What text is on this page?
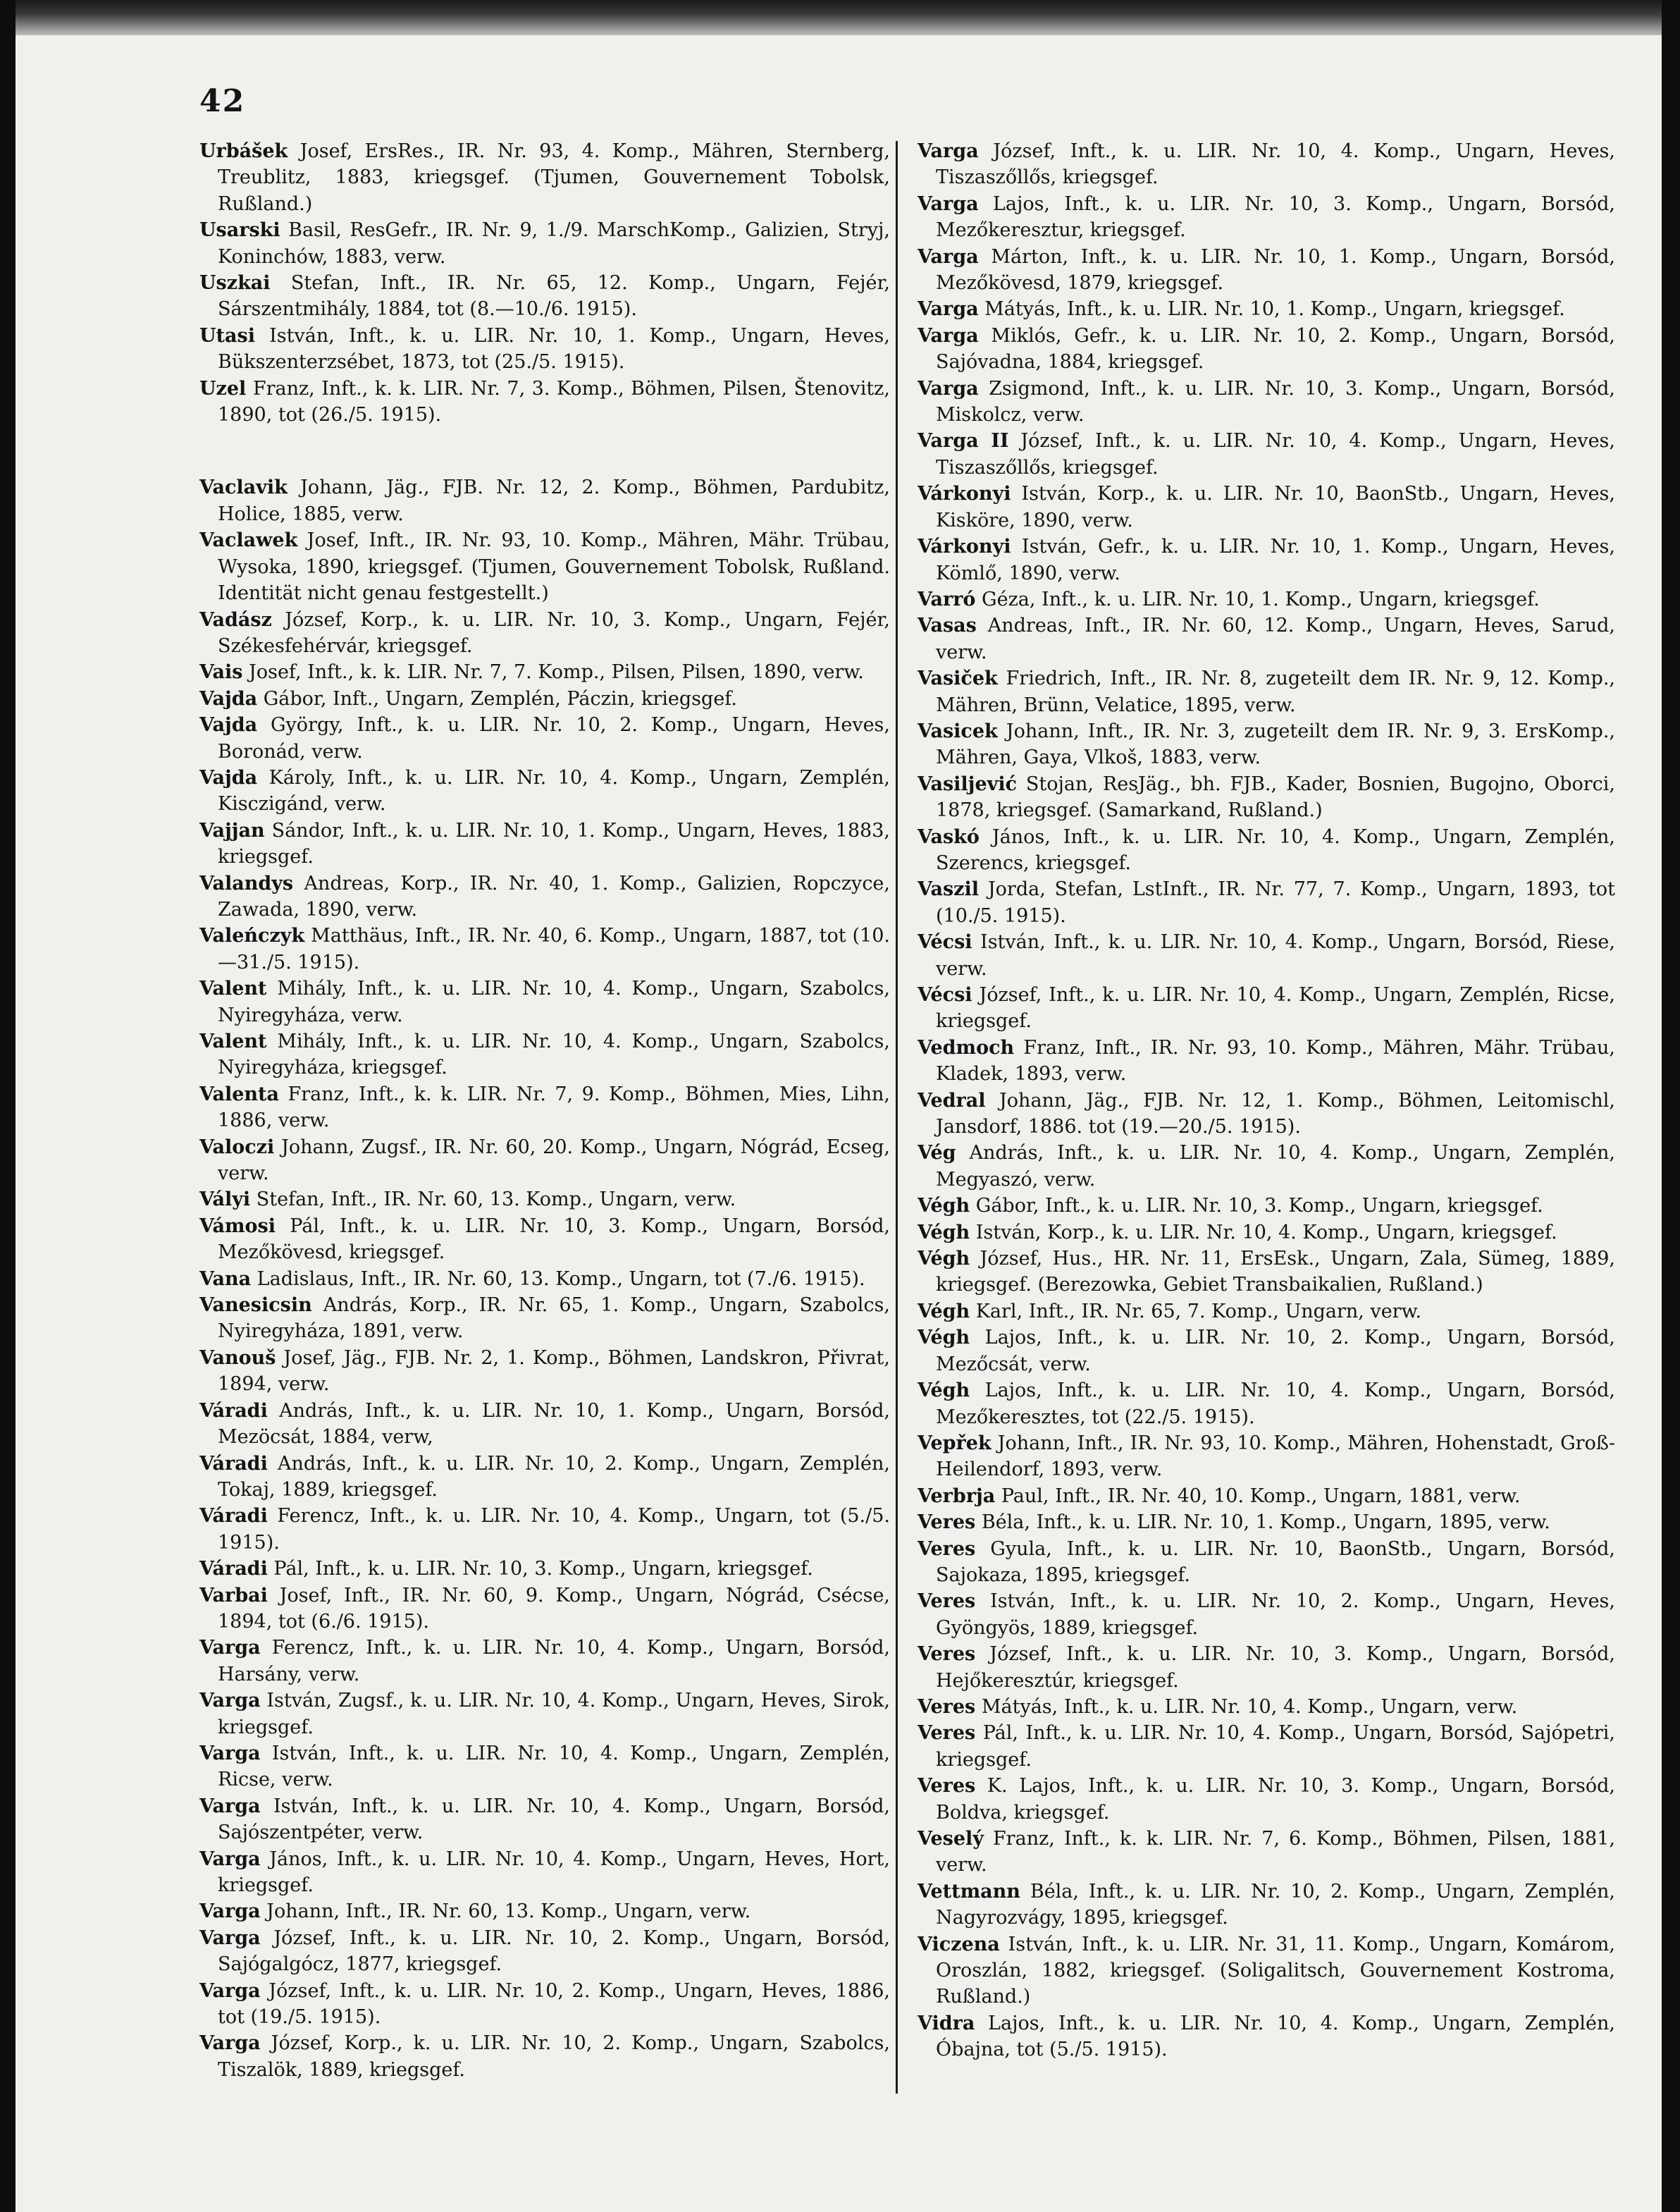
42

Urbášek Josef, ErsRes., IR. Nr. 93, 4. Komp., Mähren, Sternberg, Treublitz, 1883, kriegsgef. (Tjumen, Gouvernement Tobolsk, Rußland.)

Usarski Basil, ResGefr., IR. Nr. 9, 1./9. MarschKomp., Galizien, Stryj, Koninchów, 1883, verw.

Uszkai Stefan, Inft., IR. Nr. 65, 12. Komp., Ungarn, Fejér, Sárszentmihály, 1884, tot (8.—10./6. 1915).

Utasi István, Inft., k. u. LIR. Nr. 10, 1. Komp., Ungarn, Heves, Bükszenterzsébet, 1873, tot (25./5. 1915).

Uzel Franz, Inft., k. k. LIR. Nr. 7, 3. Komp., Böhmen, Pilsen, Štenovitz, 1890, tot (26./5. 1915).

Vaclavik Johann, Jäg., FJB. Nr. 12, 2. Komp., Böhmen, Pardubitz, Holice, 1885, verw.

Vaclawek Josef, Inft., IR. Nr. 93, 10. Komp., Mähren, Mähr. Trübau, Wysoka, 1890, kriegsgef. (Tjumen, Gouvernement Tobolsk, Rußland. Identität nicht genau festgestellt.)

Vadász József, Korp., k. u. LIR. Nr. 10, 3. Komp., Ungarn, Fejér, Székesfehérvár, kriegsgef.

Vais Josef, Inft., k. k. LIR. Nr. 7, 7. Komp., Pilsen, Pilsen, 1890, verw.

Vajda Gábor, Inft., Ungarn, Zemplén, Páczin, kriegsgef.

Vajda György, Inft., k. u. LIR. Nr. 10, 2. Komp., Ungarn, Heves, Boronád, verw.

Vajda Károly, Inft., k. u. LIR. Nr. 10, 4. Komp., Ungarn, Zemplén, Kisczigánd, verw.

Vajjan Sándor, Inft., k. u. LIR. Nr. 10, 1. Komp., Ungarn, Heves, 1883, kriegsgef.

Valandys Andreas, Korp., IR. Nr. 40, 1. Komp., Galizien, Ropczyce, Zawada, 1890, verw.

Valeńczyk Matthäus, Inft., IR. Nr. 40, 6. Komp., Ungarn, 1887, tot (10.—31./5. 1915).

Valent Mihály, Inft., k. u. LIR. Nr. 10, 4. Komp., Ungarn, Szabolcs, Nyiregyháza, verw.

Valent Mihály, Inft., k. u. LIR. Nr. 10, 4. Komp., Ungarn, Szabolcs, Nyiregyháza, kriegsgef.

Valenta Franz, Inft., k. k. LIR. Nr. 7, 9. Komp., Böhmen, Mies, Lihn, 1886, verw.

Valoczi Johann, Zugsf., IR. Nr. 60, 20. Komp., Ungarn, Nógrád, Ecseg, verw.

Vályi Stefan, Inft., IR. Nr. 60, 13. Komp., Ungarn, verw.

Vámosi Pál, Inft., k. u. LIR. Nr. 10, 3. Komp., Ungarn, Borsód, Mezőkövesd, kriegsgef.

Vana Ladislaus, Inft., IR. Nr. 60, 13. Komp., Ungarn, tot (7./6. 1915).

Vanesicsin András, Korp., IR. Nr. 65, 1. Komp., Ungarn, Szabolcs, Nyiregyháza, 1891, verw.

Vanouš Josef, Jäg., FJB. Nr. 2, 1. Komp., Böhmen, Landskron, Přivrat, 1894, verw.

Váradi András, Inft., k. u. LIR. Nr. 10, 1. Komp., Ungarn, Borsód, Mezöcsát, 1884, verw,

Váradi András, Inft., k. u. LIR. Nr. 10, 2. Komp., Ungarn, Zemplén, Tokaj, 1889, kriegsgef.

Váradi Ferencz, Inft., k. u. LIR. Nr. 10, 4. Komp., Ungarn, tot (5./5. 1915).

Váradi Pál, Inft., k. u. LIR. Nr. 10, 3. Komp., Ungarn, kriegsgef.

Varbai Josef, Inft., IR. Nr. 60, 9. Komp., Ungarn, Nógrád, Csécse, 1894, tot (6./6. 1915).

Varga Ferencz, Inft., k. u. LIR. Nr. 10, 4. Komp., Ungarn, Borsód, Harsány, verw.

Varga István, Zugsf., k. u. LIR. Nr. 10, 4. Komp., Ungarn, Heves, Sirok, kriegsgef.

Varga István, Inft., k. u. LIR. Nr. 10, 4. Komp., Ungarn, Zemplén, Ricse, verw.

Varga István, Inft., k. u. LIR. Nr. 10, 4. Komp., Ungarn, Borsód, Sajószentpéter, verw.

Varga János, Inft., k. u. LIR. Nr. 10, 4. Komp., Ungarn, Heves, Hort, kriegsgef.

Varga Johann, Inft., IR. Nr. 60, 13. Komp., Ungarn, verw.

Varga József, Inft., k. u. LIR. Nr. 10, 2. Komp., Ungarn, Borsód, Sajógalgócz, 1877, kriegsgef.

Varga József, Inft., k. u. LIR. Nr. 10, 2. Komp., Ungarn, Heves, 1886, tot (19./5. 1915).

Varga József, Korp., k. u. LIR. Nr. 10, 2. Komp., Ungarn, Szabolcs, Tiszalök, 1889, kriegsgef.

Varga József, Inft., k. u. LIR. Nr. 10, 4. Komp., Ungarn, Heves, Tiszaszőllős, kriegsgef.

Varga Lajos, Inft., k. u. LIR. Nr. 10, 3. Komp., Ungarn, Borsód, Mezőkeresztur, kriegsgef.

Varga Márton, Inft., k. u. LIR. Nr. 10, 1. Komp., Ungarn, Borsód, Mezőkövesd, 1879, kriegsgef.

Varga Mátyás, Inft., k. u. LIR. Nr. 10, 1. Komp., Ungarn, kriegsgef.

Varga Miklós, Gefr., k. u. LIR. Nr. 10, 2. Komp., Ungarn, Borsód, Sajóvadna, 1884, kriegsgef.

Varga Zsigmond, Inft., k. u. LIR. Nr. 10, 3. Komp., Ungarn, Borsód, Miskolcz, verw.

Varga II József, Inft., k. u. LIR. Nr. 10, 4. Komp., Ungarn, Heves, Tiszaszőllős, kriegsgef.

Várkonyi István, Korp., k. u. LIR. Nr. 10, BaonStb., Ungarn, Heves, Kisköre, 1890, verw.

Várkonyi István, Gefr., k. u. LIR. Nr. 10, 1. Komp., Ungarn, Heves, Kömlő, 1890, verw.

Varró Géza, Inft., k. u. LIR. Nr. 10, 1. Komp., Ungarn, kriegsgef.

Vasas Andreas, Inft., IR. Nr. 60, 12. Komp., Ungarn, Heves, Sarud, verw.

Vasiček Friedrich, Inft., IR. Nr. 8, zugeteilt dem IR. Nr. 9, 12. Komp., Mähren, Brünn, Velatice, 1895, verw.

Vasicek Johann, Inft., IR. Nr. 3, zugeteilt dem IR. Nr. 9, 3. ErsKomp., Mähren, Gaya, Vlkoš, 1883, verw.

Vasiljević Stojan, ResJäg., bh. FJB., Kader, Bosnien, Bugojno, Oborci, 1878, kriegsgef. (Samarkand, Rußland.)

Vaskó János, Inft., k. u. LIR. Nr. 10, 4. Komp., Ungarn, Zemplén, Szerencs, kriegsgef.

Vaszil Jorda, Stefan, LstInft., IR. Nr. 77, 7. Komp., Ungarn, 1893, tot (10./5. 1915).

Vécsi István, Inft., k. u. LIR. Nr. 10, 4. Komp., Ungarn, Borsód, Riese, verw.

Vécsi József, Inft., k. u. LIR. Nr. 10, 4. Komp., Ungarn, Zemplén, Ricse, kriegsgef.

Vedmoch Franz, Inft., IR. Nr. 93, 10. Komp., Mähren, Mähr. Trübau, Kladek, 1893, verw.

Vedral Johann, Jäg., FJB. Nr. 12, 1. Komp., Böhmen, Leitomischl, Jansdorf, 1886. tot (19.—20./5. 1915).

Vég András, Inft., k. u. LIR. Nr. 10, 4. Komp., Ungarn, Zemplén, Megyaszó, verw.

Végh Gábor, Inft., k. u. LIR. Nr. 10, 3. Komp., Ungarn, kriegsgef.

Végh István, Korp., k. u. LIR. Nr. 10, 4. Komp., Ungarn, kriegsgef.

Végh József, Hus., HR. Nr. 11, ErsEsk., Ungarn, Zala, Sümeg, 1889, kriegsgef. (Berezowka, Gebiet Transbaikalien, Rußland.)

Végh Karl, Inft., IR. Nr. 65, 7. Komp., Ungarn, verw.

Végh Lajos, Inft., k. u. LIR. Nr. 10, 2. Komp., Ungarn, Borsód, Mezőcsát, verw.

Végh Lajos, Inft., k. u. LIR. Nr. 10, 4. Komp., Ungarn, Borsód, Mezőkeresztes, tot (22./5. 1915).

Vepřek Johann, Inft., IR. Nr. 93, 10. Komp., Mähren, Hohenstadt, Groß-Heilendorf, 1893, verw.

Verbrja Paul, Inft., IR. Nr. 40, 10. Komp., Ungarn, 1881, verw.

Veres Béla, Inft., k. u. LIR. Nr. 10, 1. Komp., Ungarn, 1895, verw.

Veres Gyula, Inft., k. u. LIR. Nr. 10, BaonStb., Ungarn, Borsód, Sajokaza, 1895, kriegsgef.

Veres István, Inft., k. u. LIR. Nr. 10, 2. Komp., Ungarn, Heves, Gyöngyös, 1889, kriegsgef.

Veres József, Inft., k. u. LIR. Nr. 10, 3. Komp., Ungarn, Borsód, Hejőkeresztúr, kriegsgef.

Veres Mátyás, Inft., k. u. LIR. Nr. 10, 4. Komp., Ungarn, verw.

Veres Pál, Inft., k. u. LIR. Nr. 10, 4. Komp., Ungarn, Borsód, Sajópetri, kriegsgef.

Veres K. Lajos, Inft., k. u. LIR. Nr. 10, 3. Komp., Ungarn, Borsód, Boldva, kriegsgef.

Veselý Franz, Inft., k. k. LIR. Nr. 7, 6. Komp., Böhmen, Pilsen, 1881, verw.

Vettmann Béla, Inft., k. u. LIR. Nr. 10, 2. Komp., Ungarn, Zemplén, Nagyrozvágy, 1895, kriegsgef.

Viczena István, Inft., k. u. LIR. Nr. 31, 11. Komp., Ungarn, Komárom, Oroszlán, 1882, kriegsgef. (Soligalitsch, Gouvernement Kostroma, Rußland.)

Vidra Lajos, Inft., k. u. LIR. Nr. 10, 4. Komp., Ungarn, Zemplén, Óbajna, tot (5./5. 1915).
